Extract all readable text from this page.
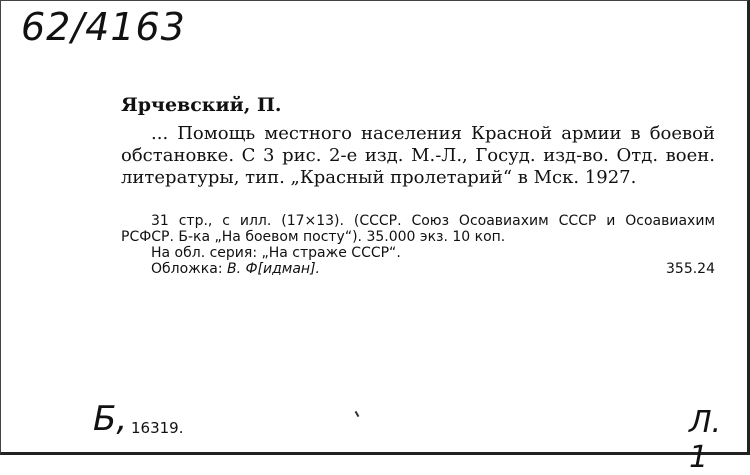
62/4163
Ярчевский, П.
... Помощь местного населения Красной армии в боевой обстановке. С 3 рис. 2-е изд. М.-Л., Госуд. изд-во. Отд. воен. литературы, тип. „Красный пролетарий“ в Мск. 1927.
31 стр., с илл. (17×13). (СССР. Союз Осоавиахим СССР и Осоавиахим РСФСР. Б-ка „На боевом посту“). 35.000 экз. 10 коп.
На обл. серия: „На страже СССР“.
Обложка: В. Ф[идман].	355.24
Б, 16319.	Л. 1
